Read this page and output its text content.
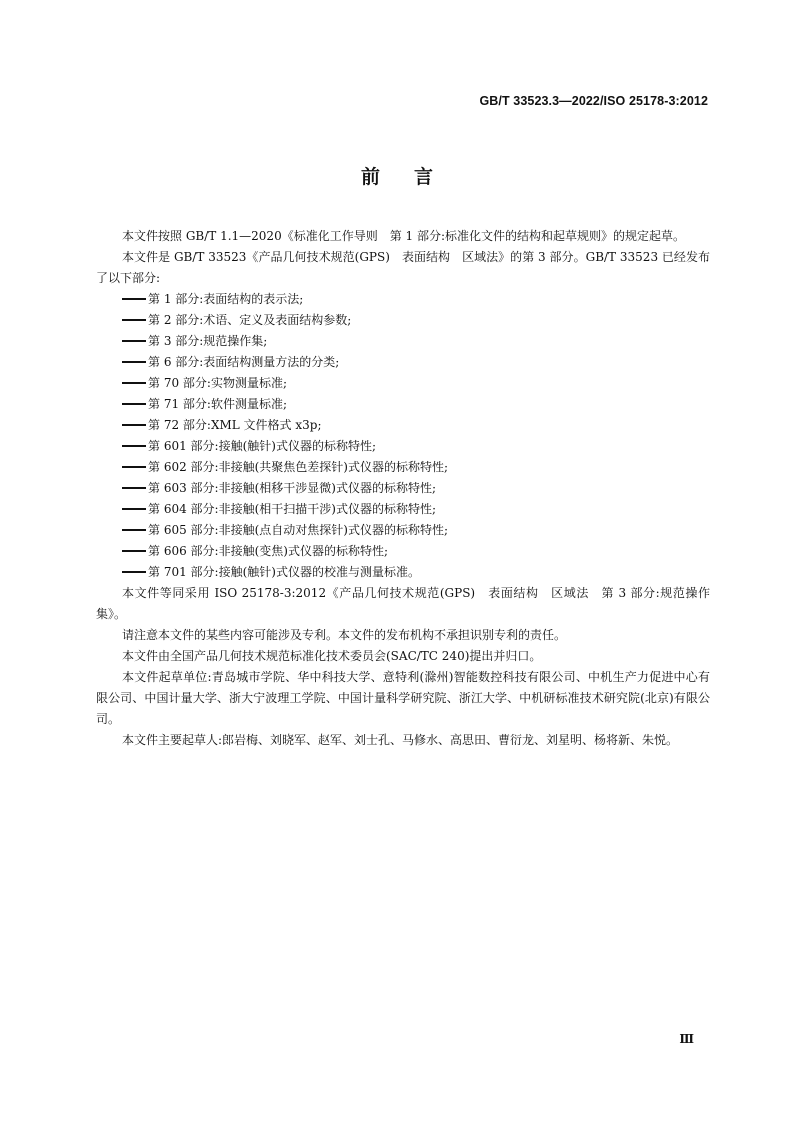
GB/T 33523.3—2022/ISO 25178-3:2012
前言

本文件按照 GB/T 1.1—2020《标准化工作导则　第 1 部分:标准化文件的结构和起草规则》的规定起草。

本文件是 GB/T 33523《产品几何技术规范(GPS)　表面结构　区域法》的第 3 部分。GB/T 33523 已经发布了以下部分:

第 1 部分:表面结构的表示法;
第 2 部分:术语、定义及表面结构参数;
第 3 部分:规范操作集;
第 6 部分:表面结构测量方法的分类;
第 70 部分:实物测量标准;
第 71 部分:软件测量标准;
第 72 部分:XML 文件格式 x3p;
第 601 部分:接触(触针)式仪器的标称特性;
第 602 部分:非接触(共聚焦色差探针)式仪器的标称特性;
第 603 部分:非接触(相移干涉显微)式仪器的标称特性;
第 604 部分:非接触(相干扫描干涉)式仪器的标称特性;
第 605 部分:非接触(点自动对焦探针)式仪器的标称特性;
第 606 部分:非接触(变焦)式仪器的标称特性;
第 701 部分:接触(触针)式仪器的校准与测量标准。

本文件等同采用 ISO 25178-3:2012《产品几何技术规范(GPS)　表面结构　区域法　第 3 部分:规范操作集》。

请注意本文件的某些内容可能涉及专利。本文件的发布机构不承担识别专利的责任。

本文件由全国产品几何技术规范标准化技术委员会(SAC/TC 240)提出并归口。

本文件起草单位:青岛城市学院、华中科技大学、意特利(滁州)智能数控科技有限公司、中机生产力促进中心有限公司、中国计量大学、浙大宁波理工学院、中国计量科学研究院、浙江大学、中机研标准技术研究院(北京)有限公司。

本文件主要起草人:郎岩梅、刘晓军、赵军、刘士孔、马修水、高思田、曹衍龙、刘星明、杨将新、朱悦。

Ⅲ
